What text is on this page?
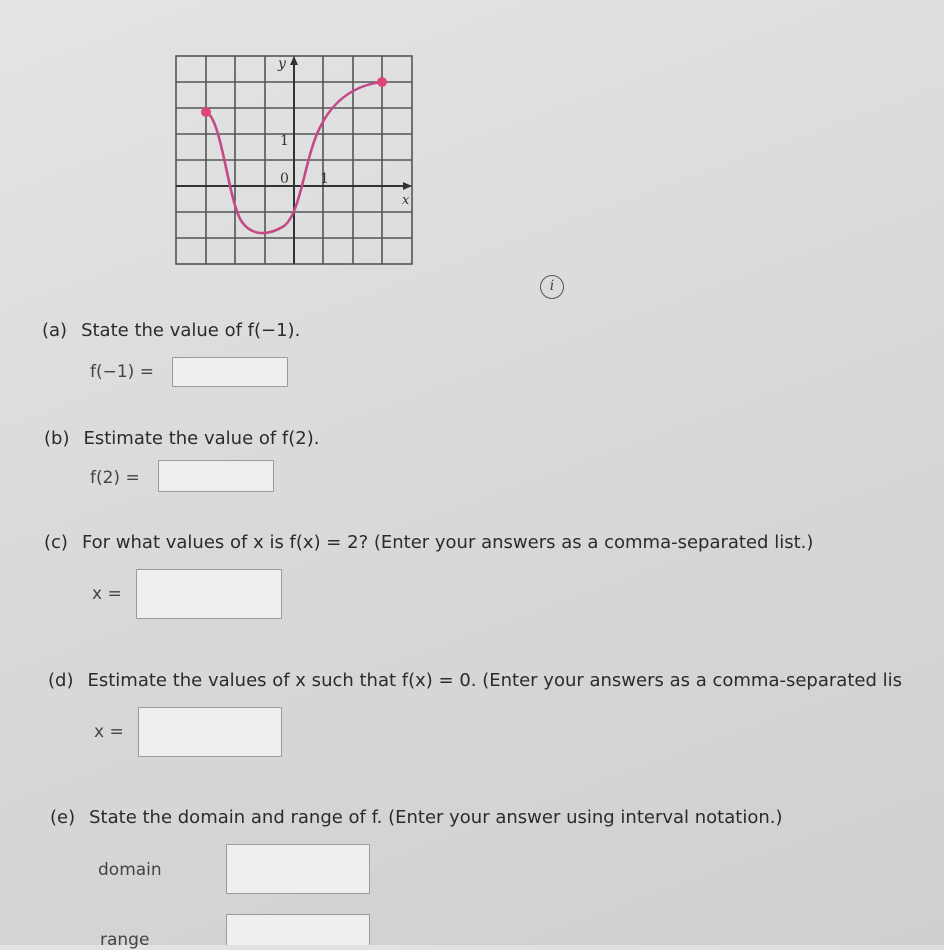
y
x
0 1
1
i
(a) State the value of f(−1).
f(−1) =
(b) Estimate the value of f(2).
f(2) =
(c) For what values of x is f(x) = 2? (Enter your answers as a comma-separated list.)
x =
(d) Estimate the values of x such that f(x) = 0. (Enter your answers as a comma-separated lis
x =
(e) State the domain and range of f. (Enter your answer using interval notation.)
domain
range
